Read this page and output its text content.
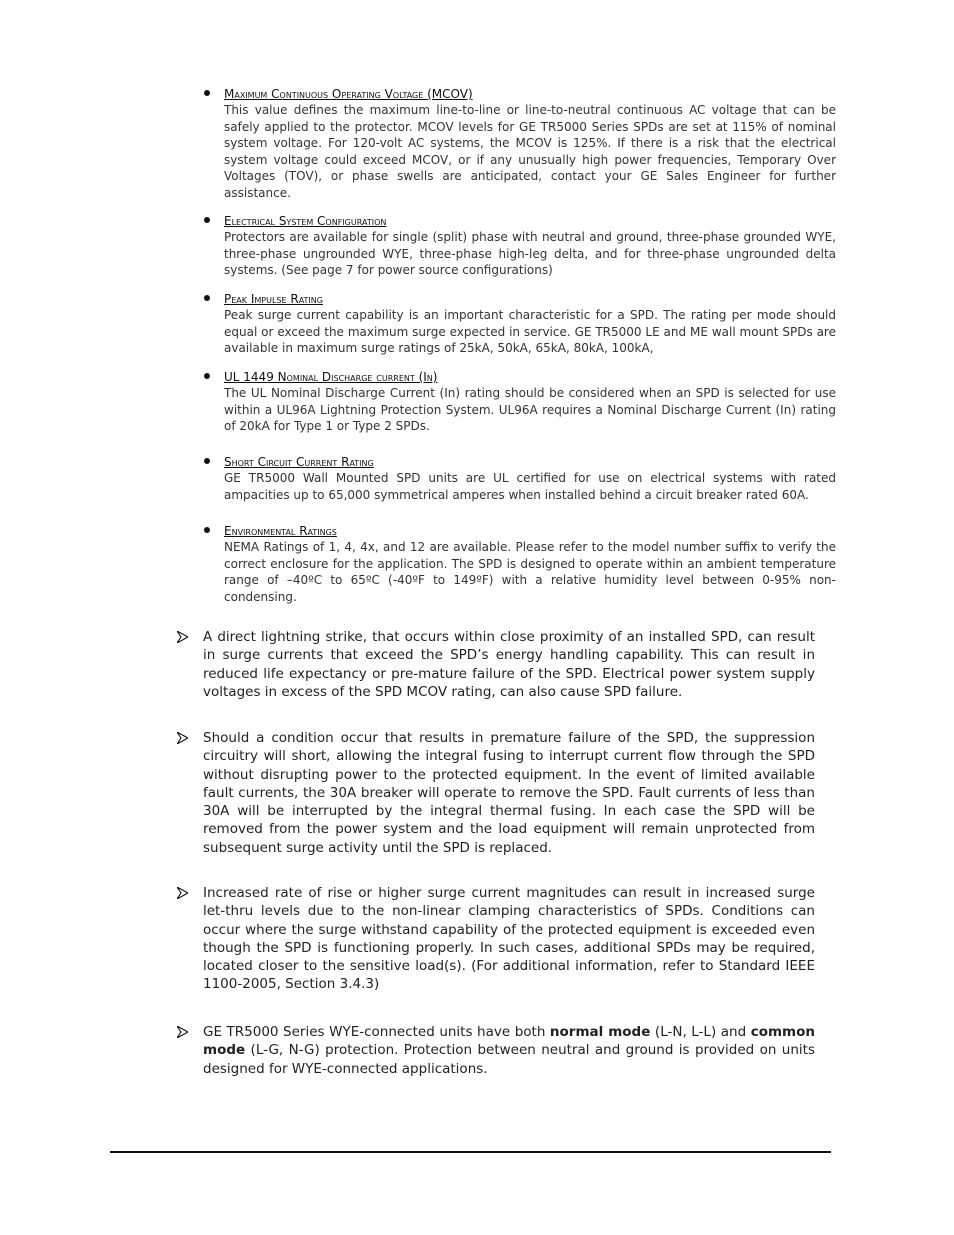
Maximum Continuous Operating Voltage (MCOV)

This value defines the maximum line-to-line or line-to-neutral continuous AC voltage that can be safely applied to the protector. MCOV levels for GE TR5000 Series SPDs are set at 115% of nominal system voltage. For 120-volt AC systems, the MCOV is 125%. If there is a risk that the electrical system voltage could exceed MCOV, or if any unusually high power frequencies, Temporary Over Voltages (TOV), or phase swells are anticipated, contact your GE Sales Engineer for further assistance.

Electrical System Configuration

Protectors are available for single (split) phase with neutral and ground, three-phase grounded WYE, three-phase ungrounded WYE, three-phase high-leg delta, and for three-phase ungrounded delta systems. (See page 7 for power source configurations)

Peak Impulse Rating

Peak surge current capability is an important characteristic for a SPD. The rating per mode should equal or exceed the maximum surge expected in service. GE TR5000 LE and ME wall mount SPDs are available in maximum surge ratings of 25kA, 50kA, 65kA, 80kA, 100kA,

UL 1449 Nominal Discharge current (In)

The UL Nominal Discharge Current (In) rating should be considered when an SPD is selected for use within a UL96A Lightning Protection System. UL96A requires a Nominal Discharge Current (In) rating of 20kA for Type 1 or Type 2 SPDs.

Short Circuit Current Rating

GE TR5000 Wall Mounted SPD units are UL certified for use on electrical systems with rated ampacities up to 65,000 symmetrical amperes when installed behind a circuit breaker rated 60A.

Environmental Ratings

NEMA Ratings of 1, 4, 4x, and 12 are available. Please refer to the model number suffix to verify the correct enclosure for the application. The SPD is designed to operate within an ambient temperature range of –40ºC to 65ºC (-40ºF to 149ºF) with a relative humidity level between 0-95% non-condensing.

A direct lightning strike, that occurs within close proximity of an installed SPD, can result in surge currents that exceed the SPD’s energy handling capability. This can result in reduced life expectancy or pre-mature failure of the SPD. Electrical power system supply voltages in excess of the SPD MCOV rating, can also cause SPD failure.

Should a condition occur that results in premature failure of the SPD, the suppression circuitry will short, allowing the integral fusing to interrupt current flow through the SPD without disrupting power to the protected equipment. In the event of limited available fault currents, the 30A breaker will operate to remove the SPD. Fault currents of less than 30A will be interrupted by the integral thermal fusing. In each case the SPD will be removed from the power system and the load equipment will remain unprotected from subsequent surge activity until the SPD is replaced.

Increased rate of rise or higher surge current magnitudes can result in increased surge let-thru levels due to the non-linear clamping characteristics of SPDs. Conditions can occur where the surge withstand capability of the protected equipment is exceeded even though the SPD is functioning properly. In such cases, additional SPDs may be required, located closer to the sensitive load(s). (For additional information, refer to Standard IEEE 1100-2005, Section 3.4.3)

GE TR5000 Series WYE-connected units have both normal mode (L-N, L-L) and common mode (L-G, N-G) protection. Protection between neutral and ground is provided on units designed for WYE-connected applications.
